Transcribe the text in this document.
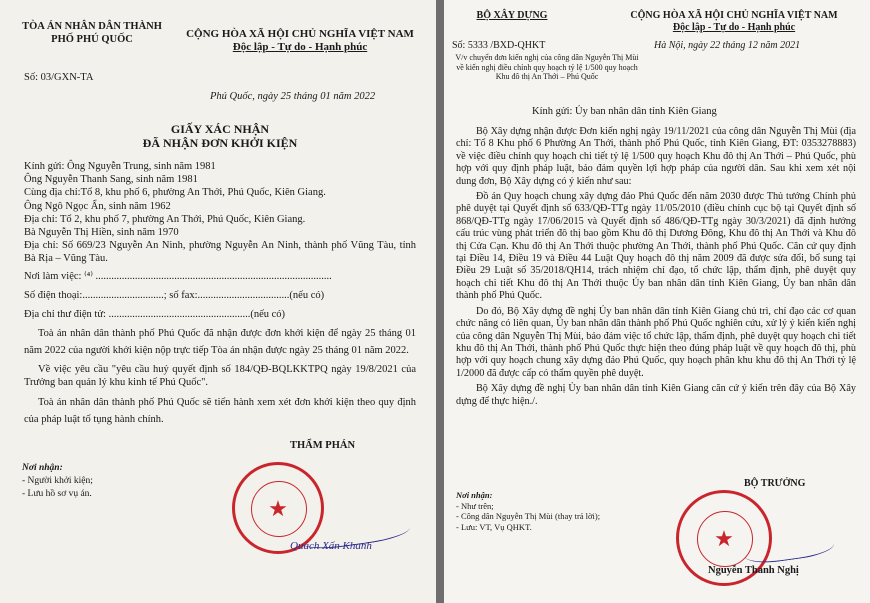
TÒA ÁN NHÂN DÂN THÀNH PHỐ PHÚ QUỐC	CỘNG HÒA XÃ HỘI CHỦ NGHĨA VIỆT NAM
Độc lập - Tự do - Hạnh phúc
Số: 03/GXN-TA
Phú Quốc, ngày 25 tháng 01 năm 2022
GIẤY XÁC NHẬN
ĐÃ NHẬN ĐƠN KHỞI KIỆN
Kính gửi: Ông Nguyễn Trung, sinh năm 1981
Ông Nguyễn Thanh Sang, sinh năm 1981
Cùng địa chỉ:Tổ 8, khu phố 6, phường An Thới, Phú Quốc, Kiên Giang.
Ông Ngô Ngọc Ẩn, sinh năm 1962
Địa chỉ: Tổ 2, khu phố 7, phường An Thới, Phú Quốc, Kiên Giang.
Bà Nguyễn Thị Hiền, sinh năm 1970
Địa chỉ: Số 669/23 Nguyễn An Ninh, phường Nguyễn An Ninh, thành phố Vũng Tàu, tỉnh Bà Rịa – Vũng Tàu.
Nơi làm việc: ⁽⁴⁾ ..........................................................................................
Số điện thoại:...............................; số fax:...................................(nếu có)
Địa chỉ thư điện tử: ......................................................(nếu có)

Toà án nhân dân thành phố Phú Quốc đã nhận được đơn khởi kiện để ngày 25 tháng 01 năm 2022 của người khởi kiện nộp trực tiếp Tòa án nhận được ngày 25 tháng 01 năm 2022.

Về việc yêu cầu "yêu cầu huỷ quyết định số 184/QĐ-BQLKKTPQ ngày 19/8/2021 của Trưởng ban quản lý khu kinh tế Phú Quốc".

Toà án nhân dân thành phố Phú Quốc sẽ tiến hành xem xét đơn khởi kiện theo quy định của pháp luật tố tụng hành chính.

Nơi nhận:
- Người khởi kiện;
- Lưu hồ sơ vụ án.
THẨM PHÁN
★
Quách Xấn Khanh
BỘ XÂY DỰNG	CỘNG HÒA XÃ HỘI CHỦ NGHĨA VIỆT NAM
Độc lập - Tự do - Hạnh phúc
Số: 5333 /BXD-QHKT	Hà Nội, ngày 22 tháng 12 năm 2021
V/v chuyển đơn kiến nghị của công dân Nguyễn Thị Mùi về kiến nghị điều chỉnh quy hoạch tỷ lệ 1/500 quy hoạch Khu đô thị An Thới – Phú Quốc
Kính gửi: Ủy ban nhân dân tỉnh Kiên Giang

Bộ Xây dựng nhận được Đơn kiến nghị ngày 19/11/2021 của công dân Nguyễn Thị Mùi (địa chỉ: Tổ 8 Khu phố 6 Phường An Thới, thành phố Phú Quốc, tỉnh Kiên Giang, ĐT: 0353278883) về việc điều chỉnh quy hoạch chi tiết tỷ lệ 1/500 quy hoạch Khu đô thị An Thới – Phú Quốc, phù hợp với quy định pháp luật, bảo đảm quyền lợi hợp pháp của người dân. Sau khi xem xét nội dung đơn, Bộ Xây dựng có ý kiến như sau:

Đồ án Quy hoạch chung xây dựng đảo Phú Quốc đến năm 2030 được Thủ tướng Chính phủ phê duyệt tại Quyết định số 633/QĐ-TTg ngày 11/05/2010 (điều chỉnh cục bộ tại Quyết định số 868/QĐ-TTg ngày 17/06/2015 và Quyết định số 486/QĐ-TTg ngày 30/3/2021) đã định hướng cấu trúc vùng phát triển đô thị bao gồm Khu đô thị Dương Đông, Khu đô thị An Thới và Khu đô thị Cửa Cạn. Khu đô thị An Thới thuộc phường An Thới, thành phố Phú Quốc. Căn cứ quy định tại Điều 14, Điều 19 và Điều 44 Luật Quy hoạch đô thị năm 2009 đã được sửa đổi, bổ sung tại Điều 29 Luật số 35/2018/QH14, trách nhiệm chỉ đạo, tổ chức lập, thẩm định, phê duyệt quy hoạch chi tiết Khu đô thị An Thới thuộc Ủy ban nhân dân tỉnh Kiên Giang, Ủy ban nhân dân thành phố Phú Quốc.

Do đó, Bộ Xây dựng đề nghị Ủy ban nhân dân tỉnh Kiên Giang chủ trì, chỉ đạo các cơ quan chức năng có liên quan, Ủy ban nhân dân thành phố Phú Quốc nghiên cứu, xử lý ý kiến kiến nghị của công dân Nguyễn Thị Mùi, bảo đảm việc tổ chức lập, thẩm định, phê duyệt quy hoạch chi tiết khu đô thị An Thới, thành phố Phú Quốc thực hiện theo đúng pháp luật về quy hoạch đô thị, phù hợp với quy hoạch chung xây dựng đảo Phú Quốc, quy hoạch phân khu khu đô thị An Thới tỷ lệ 1/2000 đã được cấp có thẩm quyền phê duyệt.

Bộ Xây dựng đề nghị Ủy ban nhân dân tỉnh Kiên Giang căn cứ ý kiến trên đây của Bộ Xây dựng để thực hiện./.

Nơi nhận:
- Như trên;
- Công dân Nguyễn Thị Mùi (thay trả lời);
- Lưu: VT, Vụ QHKT.
BỘ TRƯỞNG
★
Nguyễn Thanh Nghị
